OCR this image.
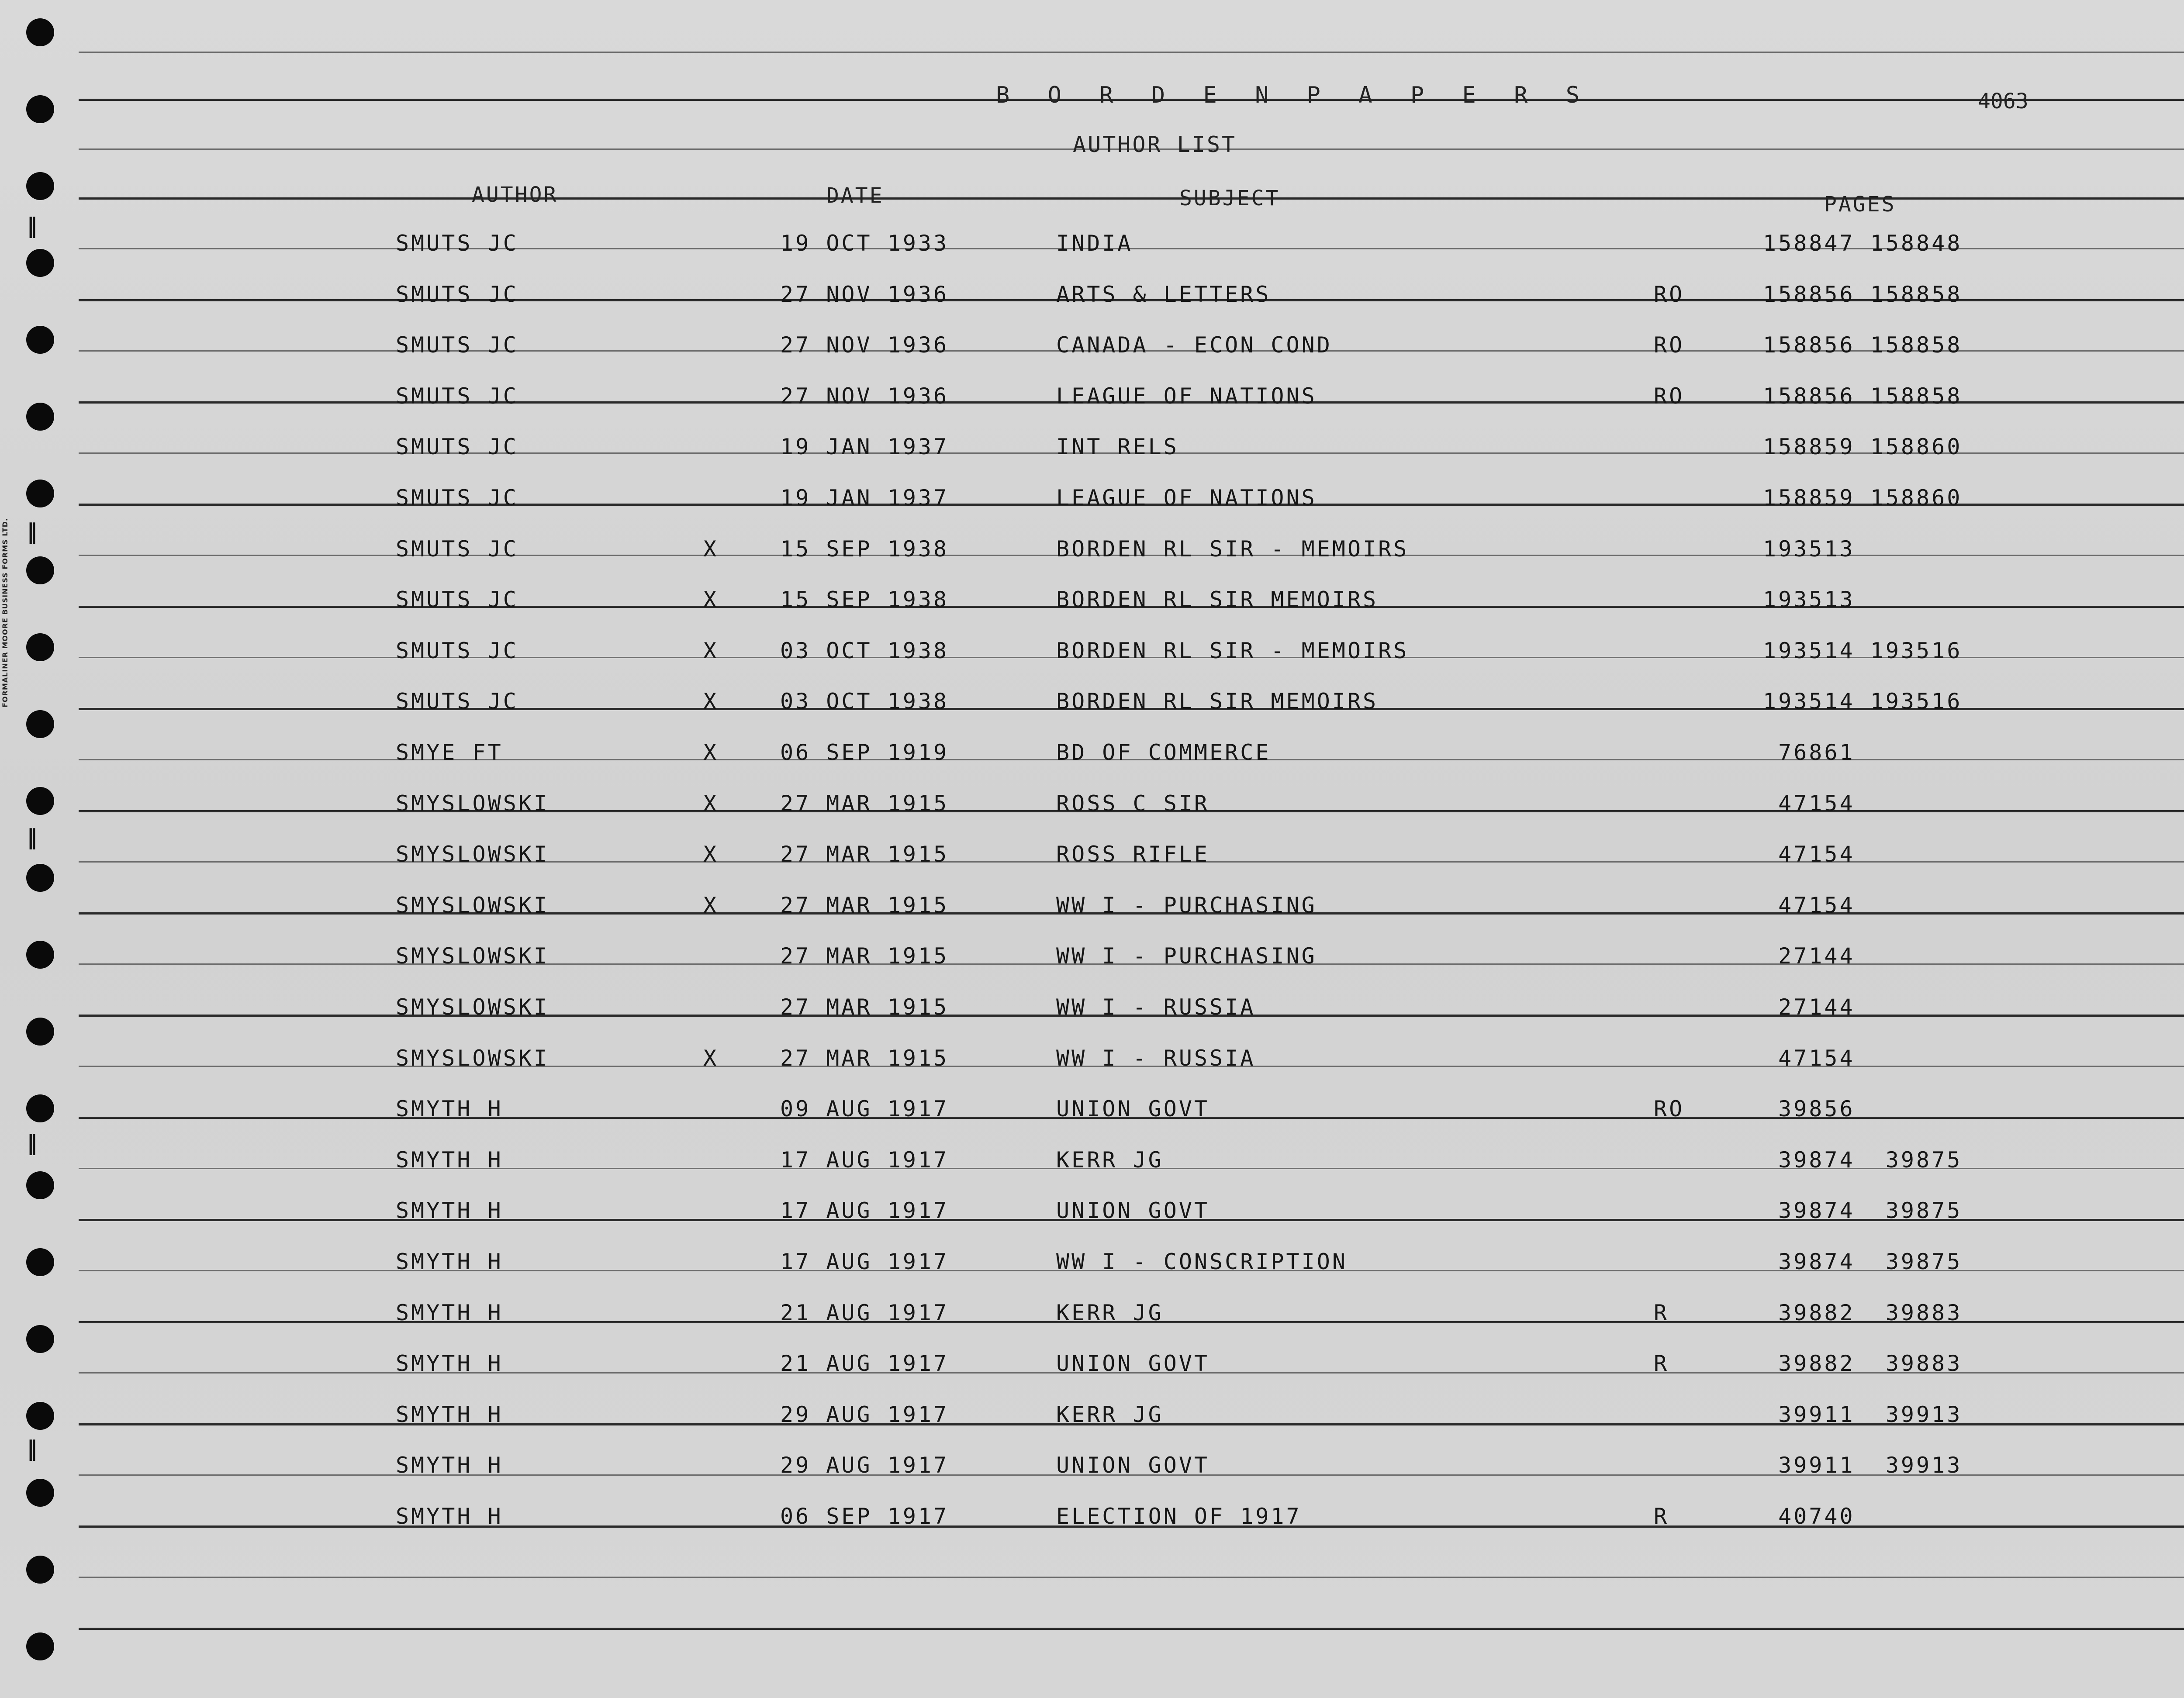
∥
∥
∥
∥
∥
FORMALINER MOORE BUSINESS FORMS LTD.
B O R D E N P A P E R S	4063
AUTHOR LIST
AUTHOR	DATE	SUBJECT	PAGES
SMUTS JC	19 OCT 1933	INDIA	158847 158848
SMUTS JC	27 NOV 1936	ARTS & LETTERS	RO	158856 158858
SMUTS JC	27 NOV 1936	CANADA - ECON COND	RO	158856 158858
SMUTS JC	27 NOV 1936	LEAGUE OF NATIONS	RO	158856 158858
SMUTS JC	19 JAN 1937	INT RELS	158859 158860
SMUTS JC	19 JAN 1937	LEAGUE OF NATIONS	158859 158860
SMUTS JC	X	15 SEP 1938	BORDEN RL SIR - MEMOIRS	193513
SMUTS JC	X	15 SEP 1938	BORDEN RL SIR MEMOIRS	193513
SMUTS JC	X	03 OCT 1938	BORDEN RL SIR - MEMOIRS	193514 193516
SMUTS JC	X	03 OCT 1938	BORDEN RL SIR MEMOIRS	193514 193516
SMYE FT	X	06 SEP 1919	BD OF COMMERCE	76861
SMYSLOWSKI	X	27 MAR 1915	ROSS C SIR	47154
SMYSLOWSKI	X	27 MAR 1915	ROSS RIFLE	47154
SMYSLOWSKI	X	27 MAR 1915	WW I - PURCHASING	47154
SMYSLOWSKI	27 MAR 1915	WW I - PURCHASING	27144
SMYSLOWSKI	27 MAR 1915	WW I - RUSSIA	27144
SMYSLOWSKI	X	27 MAR 1915	WW I - RUSSIA	47154
SMYTH H	09 AUG 1917	UNION GOVT	RO	39856
SMYTH H	17 AUG 1917	KERR JG	39874  39875
SMYTH H	17 AUG 1917	UNION GOVT	39874  39875
SMYTH H	17 AUG 1917	WW I - CONSCRIPTION	39874  39875
SMYTH H	21 AUG 1917	KERR JG	R	39882  39883
SMYTH H	21 AUG 1917	UNION GOVT	R	39882  39883
SMYTH H	29 AUG 1917	KERR JG	39911  39913
SMYTH H	29 AUG 1917	UNION GOVT	39911  39913
SMYTH H	06 SEP 1917	ELECTION OF 1917	R	40740
